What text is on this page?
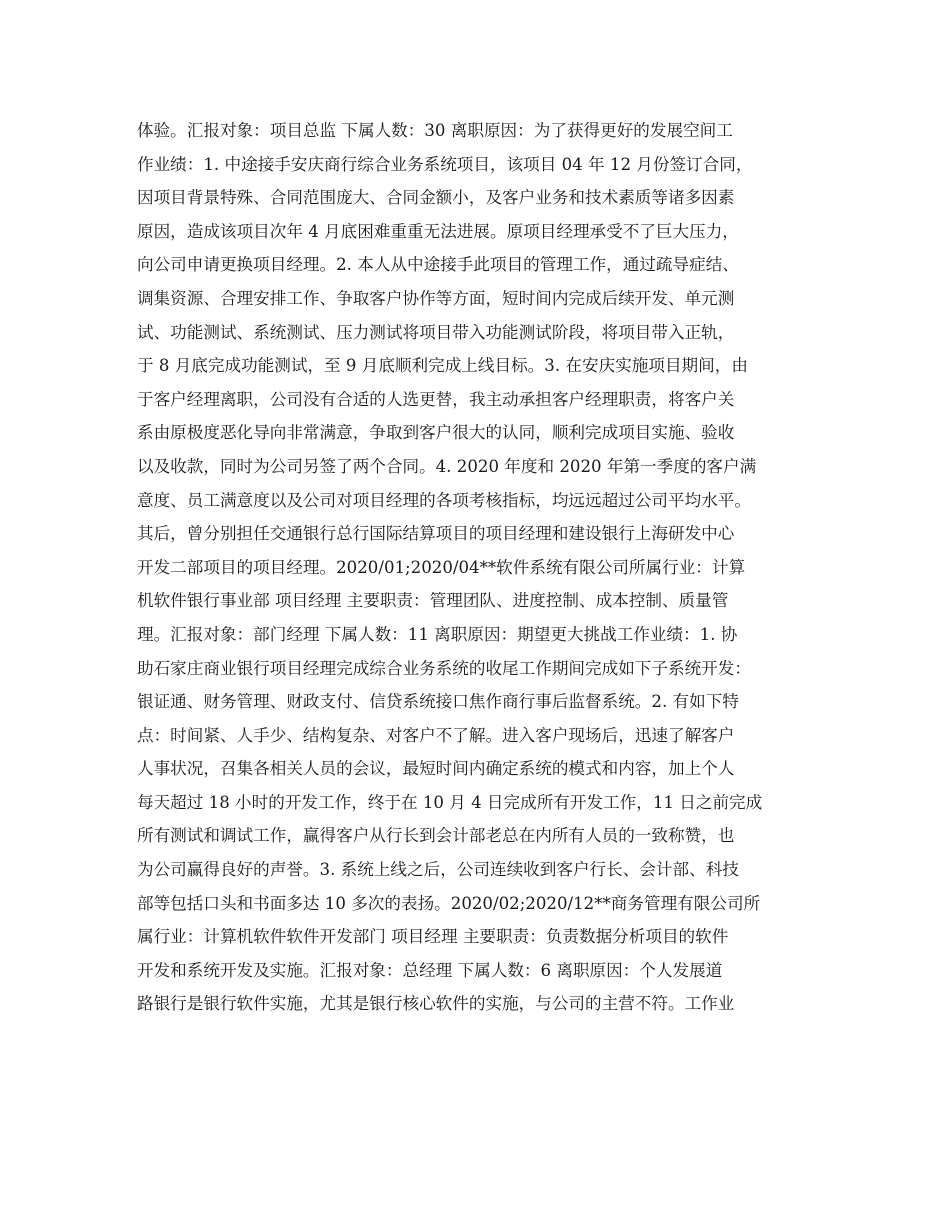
体验。汇报对象：项目总监 下属人数：30 离职原因：为了获得更好的发展空间工
作业绩：1. 中途接手安庆商行综合业务系统项目，该项目 04 年 12 月份签订合同，
因项目背景特殊、合同范围庞大、合同金额小，及客户业务和技术素质等诸多因素
原因，造成该项目次年 4 月底困难重重无法进展。原项目经理承受不了巨大压力，
向公司申请更换项目经理。2. 本人从中途接手此项目的管理工作，通过疏导症结、
调集资源、合理安排工作、争取客户协作等方面，短时间内完成后续开发、单元测
试、功能测试、系统测试、压力测试将项目带入功能测试阶段，将项目带入正轨，
于 8 月底完成功能测试，至 9 月底顺利完成上线目标。3. 在安庆实施项目期间，由
于客户经理离职，公司没有合适的人选更替，我主动承担客户经理职责，将客户关
系由原极度恶化导向非常满意，争取到客户很大的认同，顺利完成项目实施、验收
以及收款，同时为公司另签了两个合同。4. 2020 年度和 2020 年第一季度的客户满
意度、员工满意度以及公司对项目经理的各项考核指标，均远远超过公司平均水平。
其后，曾分别担任交通银行总行国际结算项目的项目经理和建设银行上海研发中心
开发二部项目的项目经理。2020/01;2020/04**软件系统有限公司所属行业：计算
机软件银行事业部 项目经理 主要职责：管理团队、进度控制、成本控制、质量管
理。汇报对象：部门经理 下属人数：11 离职原因：期望更大挑战工作业绩：1. 协
助石家庄商业银行项目经理完成综合业务系统的收尾工作期间完成如下子系统开发：
银证通、财务管理、财政支付、信贷系统接口焦作商行事后监督系统。2. 有如下特
点：时间紧、人手少、结构复杂、对客户不了解。进入客户现场后，迅速了解客户
人事状况，召集各相关人员的会议，最短时间内确定系统的模式和内容，加上个人
每天超过 18 小时的开发工作，终于在 10 月 4 日完成所有开发工作，11 日之前完成
所有测试和调试工作，赢得客户从行长到会计部老总在内所有人员的一致称赞，也
为公司赢得良好的声誉。3. 系统上线之后，公司连续收到客户行长、会计部、科技
部等包括口头和书面多达 10 多次的表扬。2020/02;2020/12**商务管理有限公司所
属行业：计算机软件软件开发部门 项目经理 主要职责：负责数据分析项目的软件
开发和系统开发及实施。汇报对象：总经理 下属人数：6 离职原因：个人发展道
路银行是银行软件实施，尤其是银行核心软件的实施，与公司的主营不符。工作业
